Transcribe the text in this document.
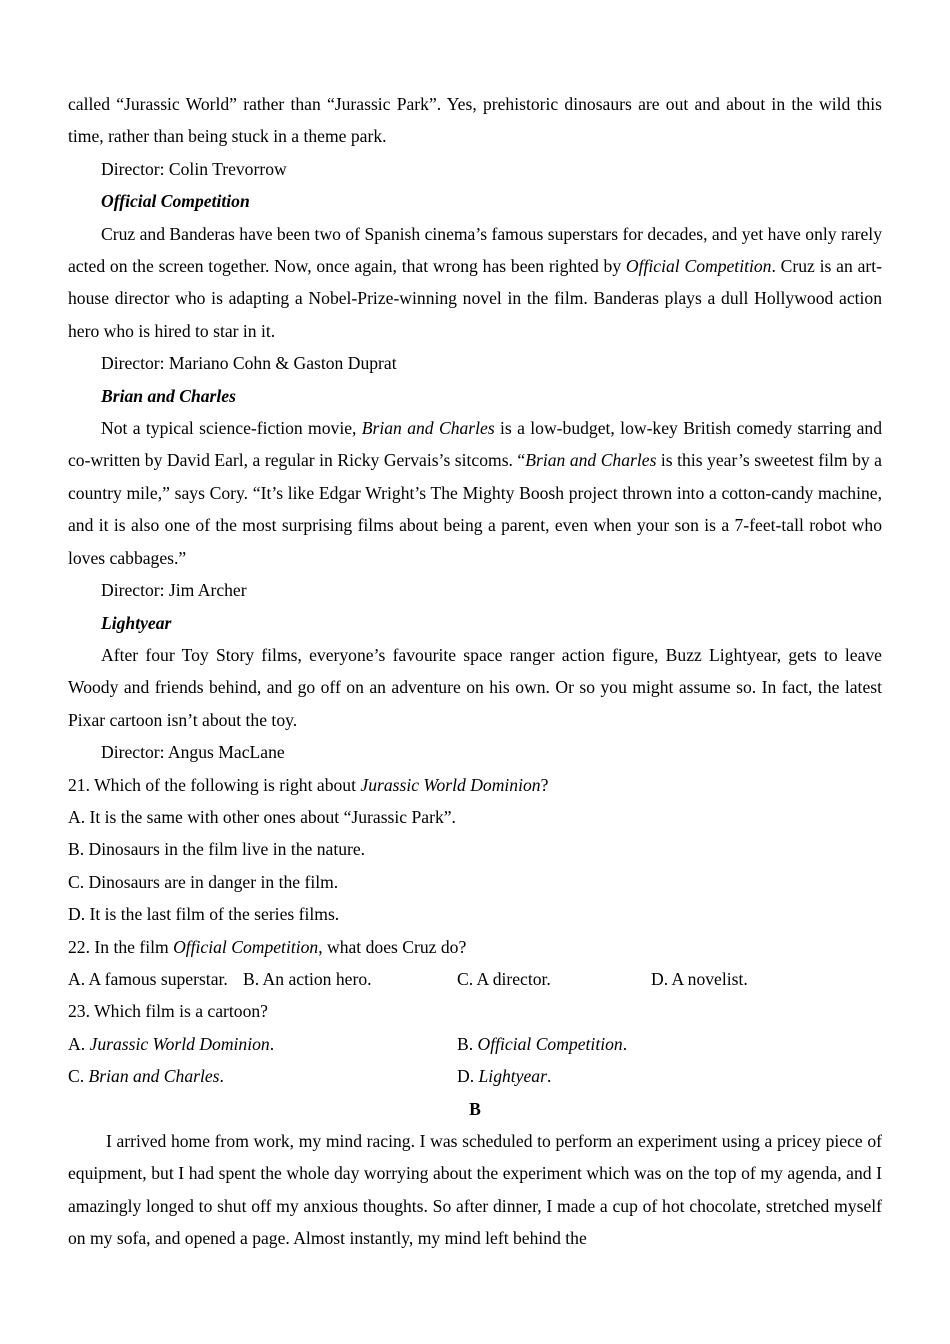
called “Jurassic World” rather than “Jurassic Park”. Yes, prehistoric dinosaurs are out and about in the wild this time, rather than being stuck in a theme park.

Director: Colin Trevorrow

Official Competition

Cruz and Banderas have been two of Spanish cinema’s famous superstars for decades, and yet have only rarely acted on the screen together. Now, once again, that wrong has been righted by Official Competition. Cruz is an art-house director who is adapting a Nobel-Prize-winning novel in the film. Banderas plays a dull Hollywood action hero who is hired to star in it.

Director: Mariano Cohn & Gaston Duprat

Brian and Charles

Not a typical science-fiction movie, Brian and Charles is a low-budget, low-key British comedy starring and co-written by David Earl, a regular in Ricky Gervais’s sitcoms. “Brian and Charles is this year’s sweetest film by a country mile,” says Cory. “It’s like Edgar Wright’s The Mighty Boosh project thrown into a cotton-candy machine, and it is also one of the most surprising films about being a parent, even when your son is a 7-feet-tall robot who loves cabbages.”

Director: Jim Archer

Lightyear

After four Toy Story films, everyone’s favourite space ranger action figure, Buzz Lightyear, gets to leave Woody and friends behind, and go off on an adventure on his own. Or so you might assume so. In fact, the latest Pixar cartoon isn’t about the toy.

Director: Angus MacLane

21. Which of the following is right about Jurassic World Dominion?

A. It is the same with other ones about “Jurassic Park”.

B. Dinosaurs in the film live in the nature.

C. Dinosaurs are in danger in the film.

D. It is the last film of the series films.

22. In the film Official Competition, what does Cruz do?

A. A famous superstar. B. An action hero.	C. A director.	D. A novelist.

23. Which film is a cartoon?

A. Jurassic World Dominion.	B. Official Competition.
C. Brian and Charles.	D. Lightyear.

B

I arrived home from work, my mind racing. I was scheduled to perform an experiment using a pricey piece of equipment, but I had spent the whole day worrying about the experiment which was on the top of my agenda, and I amazingly longed to shut off my anxious thoughts. So after dinner, I made a cup of hot chocolate, stretched myself on my sofa, and opened a page. Almost instantly, my mind left behind the
